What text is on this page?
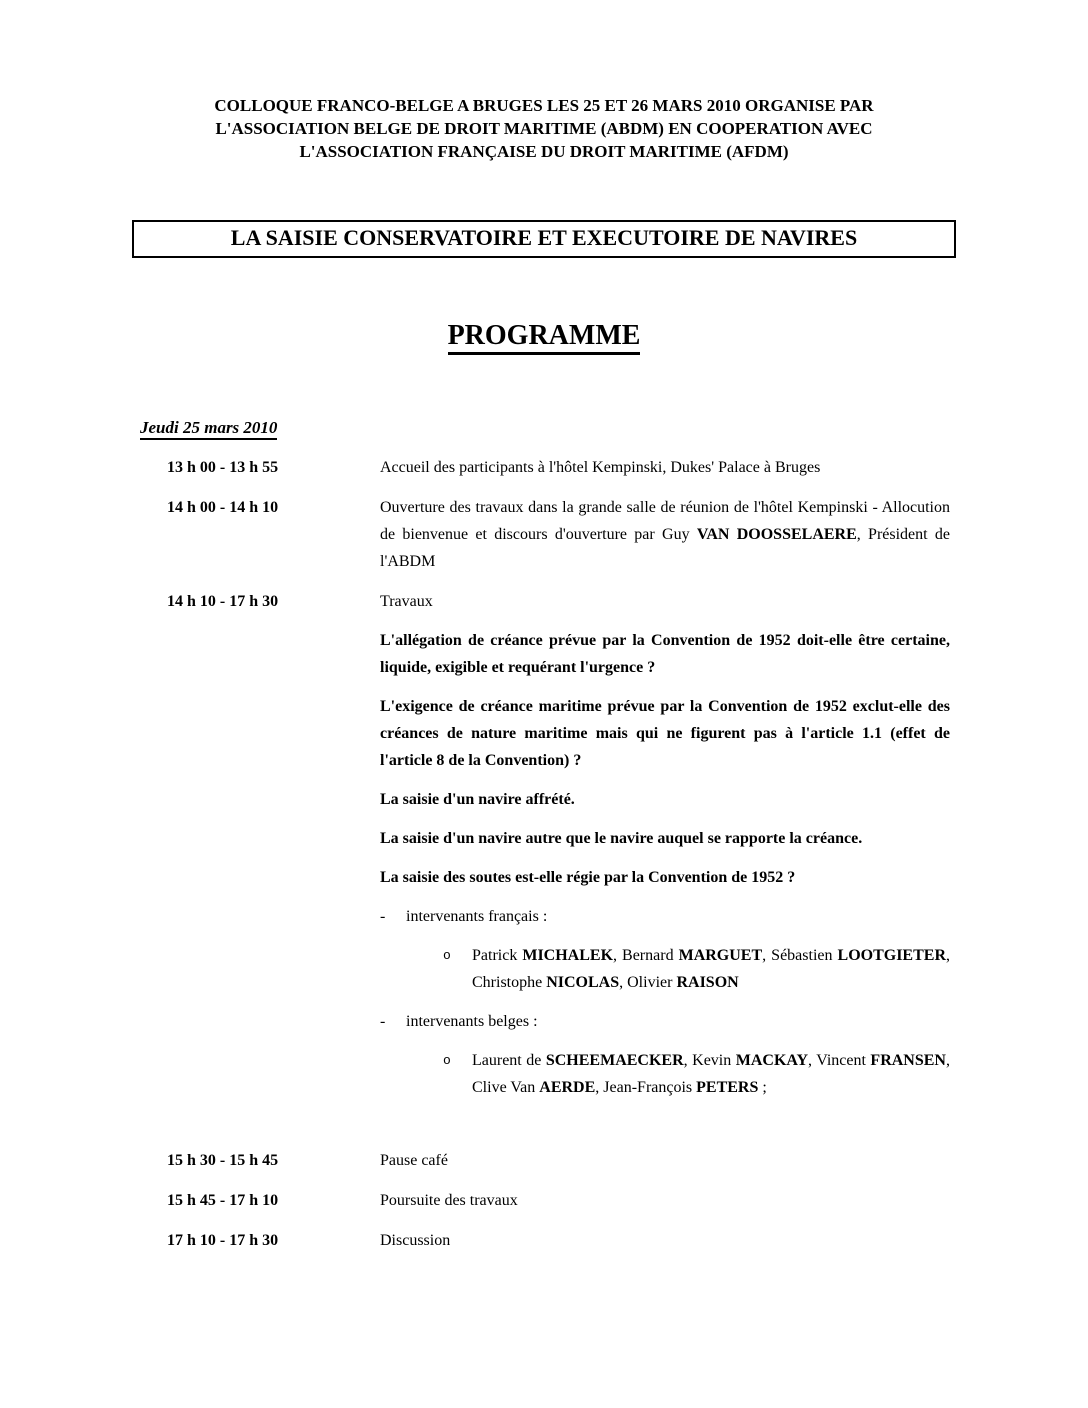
COLLOQUE FRANCO-BELGE A BRUGES LES 25 ET 26 MARS 2010 ORGANISE PAR
L'ASSOCIATION BELGE DE DROIT MARITIME (ABDM) EN COOPERATION AVEC
L'ASSOCIATION FRANÇAISE DU DROIT MARITIME (AFDM)
LA SAISIE CONSERVATOIRE ET EXECUTOIRE DE NAVIRES
PROGRAMME
Jeudi 25 mars 2010
13 h 00 - 13 h 55	Accueil des participants à l'hôtel Kempinski, Dukes' Palace à Bruges
14 h 00 - 14 h 10	Ouverture des travaux dans la grande salle de réunion de l'hôtel Kempinski - Allocution de bienvenue et discours d'ouverture par Guy VAN DOOSSELAERE, Président de l'ABDM
14 h 10 - 17 h 30	Travaux
L'allégation de créance prévue par la Convention de 1952 doit-elle être certaine, liquide, exigible et requérant l'urgence ?
L'exigence de créance maritime prévue par la Convention de 1952 exclut-elle des créances de nature maritime mais qui ne figurent pas à l'article 1.1 (effet de l'article 8 de la Convention) ?
La saisie d'un navire affrété.
La saisie d'un navire autre que le navire auquel se rapporte la créance.
La saisie des soutes est-elle régie par la Convention de 1952 ?
-	intervenants français :
o	Patrick MICHALEK, Bernard MARGUET, Sébastien LOOTGIETER, Christophe NICOLAS, Olivier RAISON
-	intervenants belges :
o	Laurent de SCHEEMAECKER, Kevin MACKAY, Vincent FRANSEN, Clive Van AERDE, Jean-François PETERS ;
15 h 30 - 15 h 45	Pause café
15 h 45 - 17 h 10	Poursuite des travaux
17 h 10 - 17 h 30	Discussion
